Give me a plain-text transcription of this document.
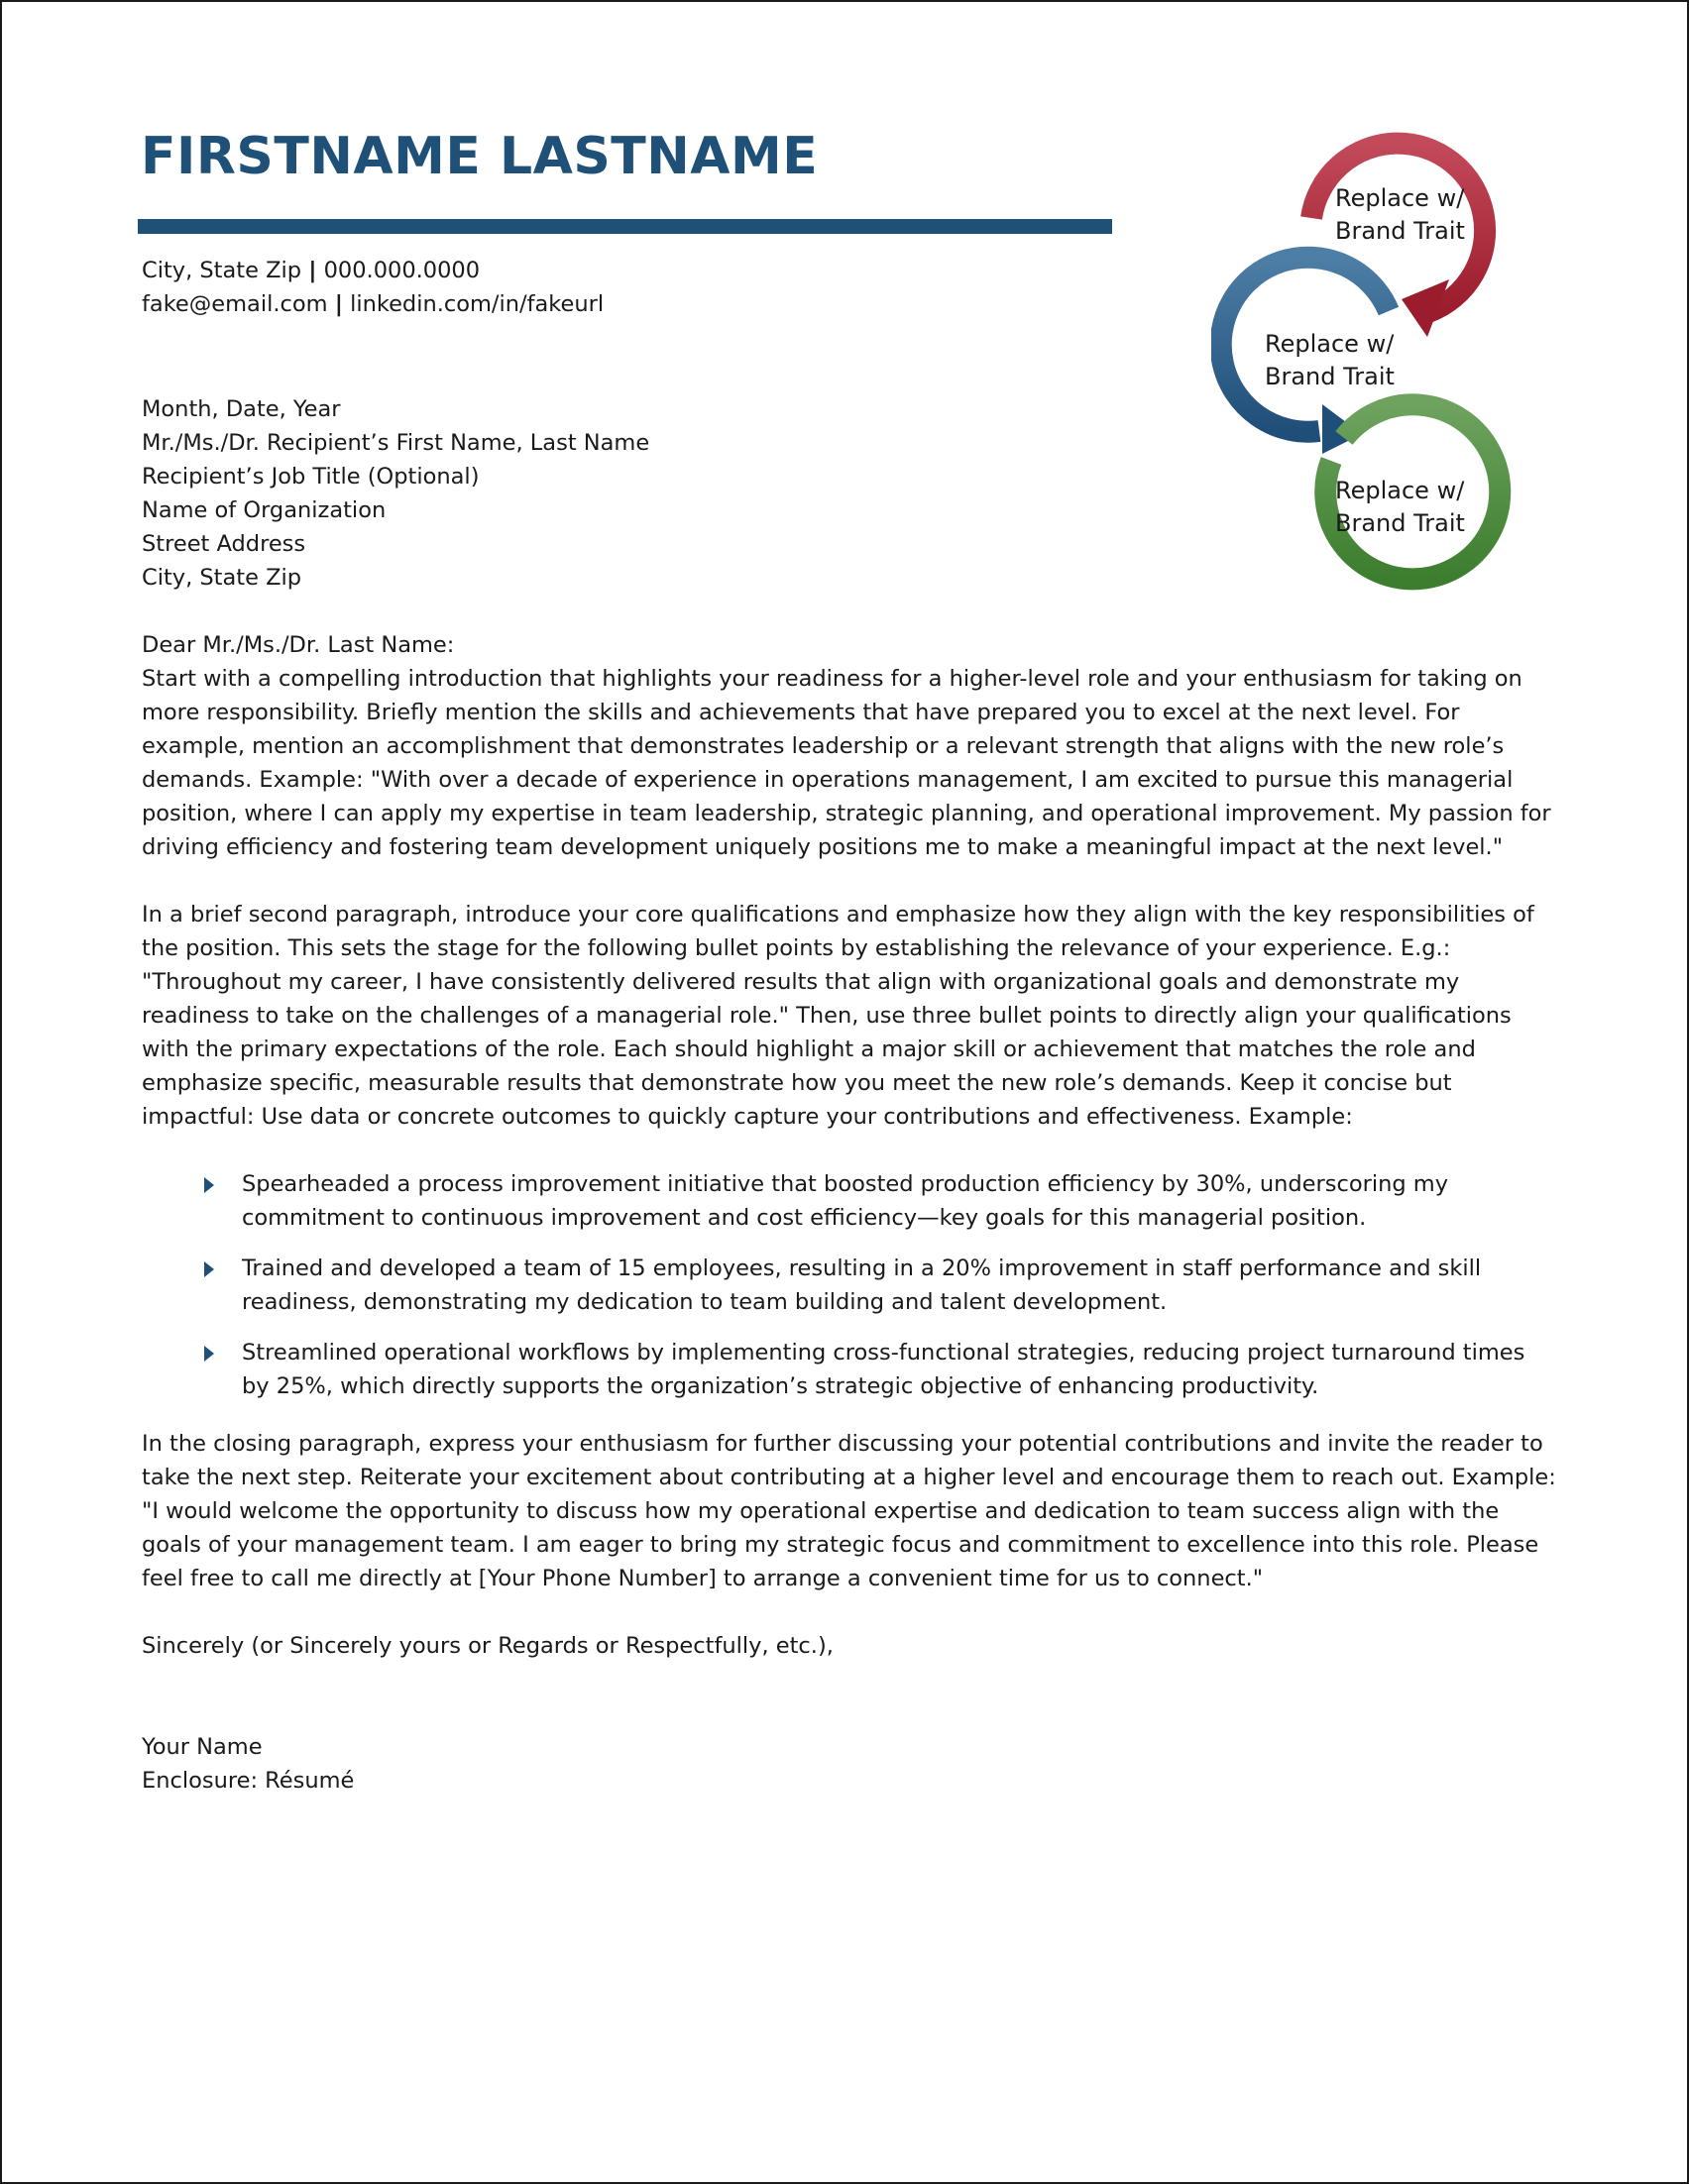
FIRSTNAME LASTNAME
City, State Zip | 000.000.0000
fake@email.com | linkedin.com/in/fakeurl

Month, Date, Year

Mr./Ms./Dr. Recipient’s First Name, Last Name
Recipient’s Job Title (Optional)
Name of Organization
Street Address
City, State Zip

Dear Mr./Ms./Dr. Last Name:

Start with a compelling introduction that highlights your readiness for a higher-level role and your enthusiasm for taking on
more responsibility. Briefly mention the skills and achievements that have prepared you to excel at the next level. For
example, mention an accomplishment that demonstrates leadership or a relevant strength that aligns with the new role’s
demands. Example: "With over a decade of experience in operations management, I am excited to pursue this managerial
position, where I can apply my expertise in team leadership, strategic planning, and operational improvement. My passion for
driving efficiency and fostering team development uniquely positions me to make a meaningful impact at the next level."
In a brief second paragraph, introduce your core qualifications and emphasize how they align with the key responsibilities of
the position. This sets the stage for the following bullet points by establishing the relevance of your experience. E.g.:
"Throughout my career, I have consistently delivered results that align with organizational goals and demonstrate my
readiness to take on the challenges of a managerial role." Then, use three bullet points to directly align your qualifications
with the primary expectations of the role. Each should highlight a major skill or achievement that matches the role and
emphasize specific, measurable results that demonstrate how you meet the new role’s demands. Keep it concise but
impactful: Use data or concrete outcomes to quickly capture your contributions and effectiveness. Example:
Spearheaded a process improvement initiative that boosted production efficiency by 30%, underscoring my
commitment to continuous improvement and cost efficiency—key goals for this managerial position.
Trained and developed a team of 15 employees, resulting in a 20% improvement in staff performance and skill
readiness, demonstrating my dedication to team building and talent development.
Streamlined operational workflows by implementing cross-functional strategies, reducing project turnaround times
by 25%, which directly supports the organization’s strategic objective of enhancing productivity.
In the closing paragraph, express your enthusiasm for further discussing your potential contributions and invite the reader to
take the next step. Reiterate your excitement about contributing at a higher level and encourage them to reach out. Example:
"I would welcome the opportunity to discuss how my operational expertise and dedication to team success align with the
goals of your management team. I am eager to bring my strategic focus and commitment to excellence into this role. Please
feel free to call me directly at [Your Phone Number] to arrange a convenient time for us to connect."

Sincerely (or Sincerely yours or Regards or Respectfully, etc.),

Your Name
Enclosure: Résumé
Replace w/
Brand Trait
Replace w/
Brand Trait
Replace w/
Brand Trait
